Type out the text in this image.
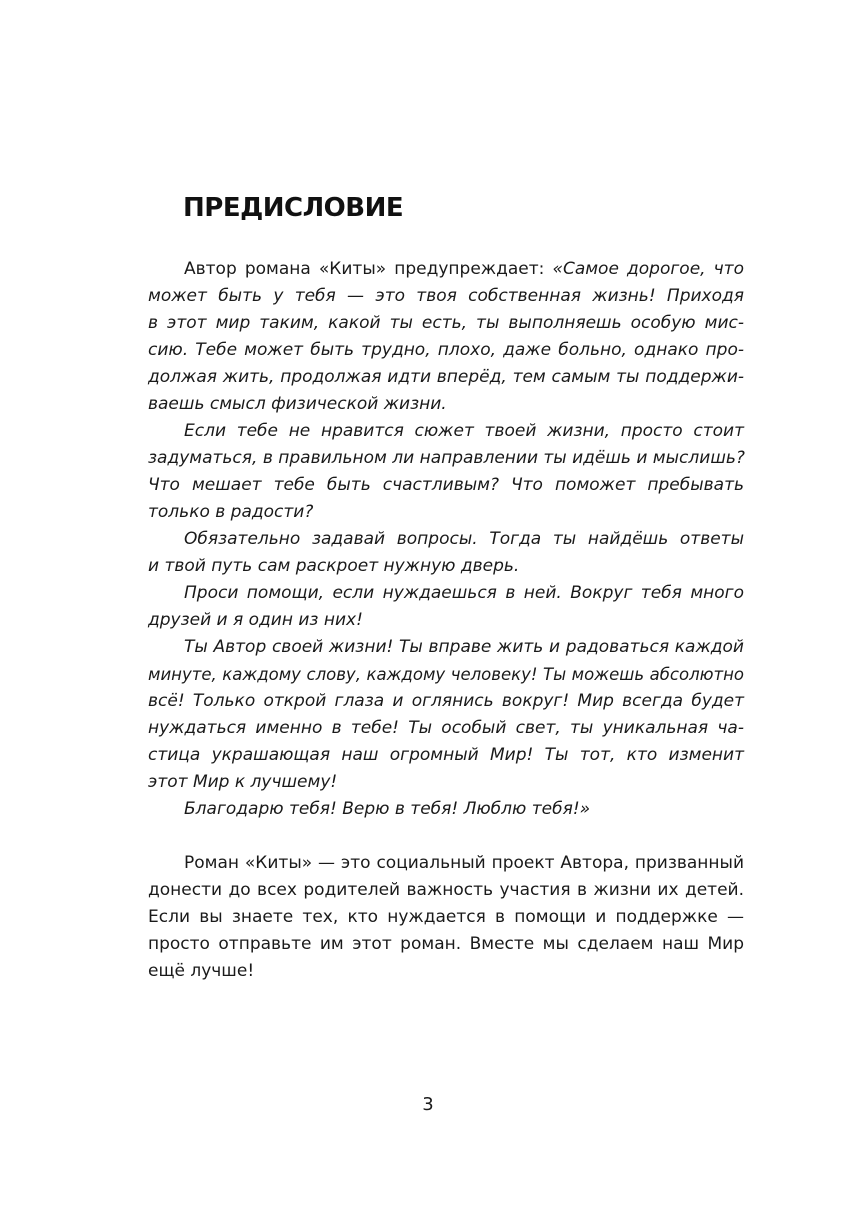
ПРЕДИСЛОВИЕ
Автор романа «Киты» предупреждает: «Самое дорогое, что
может быть у тебя — это твоя собственная жизнь! Приходя
в этот мир таким, какой ты есть, ты выполняешь особую мис-
сию. Тебе может быть трудно, плохо, даже больно, однако про-
должая жить, продолжая идти вперёд, тем самым ты поддержи-
ваешь смысл физической жизни.
Если тебе не нравится сюжет твоей жизни, просто стоит
задуматься, в правильном ли направлении ты идёшь и мыслишь?
Что мешает тебе быть счастливым? Что поможет пребывать
только в радости?
Обязательно задавай вопросы. Тогда ты найдёшь ответы
и твой путь сам раскроет нужную дверь.
Проси помощи, если нуждаешься в ней. Вокруг тебя много
друзей и я один из них!
Ты Автор своей жизни! Ты вправе жить и радоваться каждой
минуте, каждому слову, каждому человеку! Ты можешь абсолютно
всё! Только открой глаза и оглянись вокруг! Мир всегда будет
нуждаться именно в тебе! Ты особый свет, ты уникальная ча-
стица украшающая наш огромный Мир! Ты тот, кто изменит
этот Мир к лучшему!
Благодарю тебя! Верю в тебя! Люблю тебя!»
Роман «Киты» — это социальный проект Автора, призванный
донести до всех родителей важность участия в жизни их детей.
Если вы знаете тех, кто нуждается в помощи и поддержке —
просто отправьте им этот роман. Вместе мы сделаем наш Мир
ещё лучше!
3
